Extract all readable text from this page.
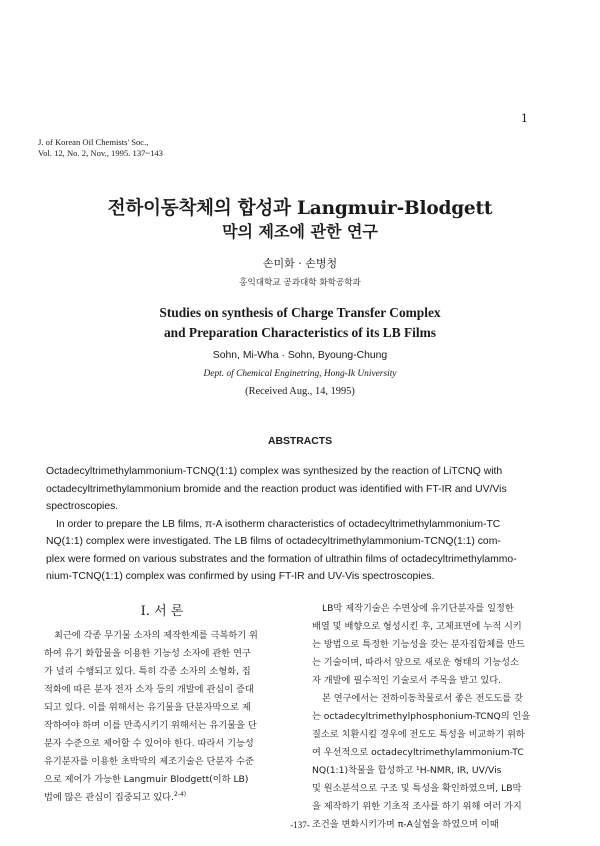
1
J. of Korean Oil Chemists' Soc.,
Vol. 12, No. 2, Nov., 1995. 137~143
전하이동착체의 합성과 Langmuir-Blodgett
막의 제조에 관한 연구
손미화 · 손병청
홍익대학교 공과대학 화학공학과
Studies on synthesis of Charge Transfer Complex
and Preparation Characteristics of its LB Films
Sohn, Mi-Wha · Sohn, Byoung-Chung
Dept. of Chemical Enginetring, Hong-Ik University
(Received Aug., 14, 1995)
ABSTRACTS

Octadecyltrimethylammonium-TCNQ(1:1) complex was synthesized by the reaction of LiTCNQ with
octadecyltrimethylammonium bromide and the reaction product was identified with FT-IR and UV/Vis
spectroscopies.

In order to prepare the LB films, π-A isotherm characteristics of octadecyltrimethylammonium-TC
NQ(1:1) complex were investigated. The LB films of octadecyltrimethylammonium-TCNQ(1:1) com-
plex were formed on various substrates and the formation of ultrathin films of octadecyltrimethylammo-
nium-TCNQ(1:1) complex was confirmed by using FT-IR and UV-Vis spectroscopies.

I. 서 론
최근에 각종 무기물 소자의 제작한계를 극복하기 위
하여 유기 화합물을 이용한 기능성 소자에 관한 연구
가 널리 수행되고 있다. 특히 각종 소자의 소형화, 집
적화에 따른 분자 전자 소자 등의 개발에 관심이 증대
되고 있다. 이를 위해서는 유기물을 단분자막으로 제
작하여야 하며 이를 만족시키기 위해서는 유기물을 단
분자 수준으로 제어할 수 있어야 한다. 따라서 기능성
유기분자를 이용한 초박막의 제조기술은 단분자 수준
으로 제어가 가능한 Langmuir Blodgett(이하 LB)
법에 많은 관심이 집중되고 있다.$^{2-4)}$
LB막 제작기술은 수면상에 유기단분자를 일정한
배열 및 배향으로 형성시킨 후, 고체표면에 누적 시키
는 방법으로 특정한 기능성을 갖는 분자집합체를 만드
는 기술이며, 따라서 앞으로 새로운 형태의 기능성소
자 개발에 필수적인 기술로서 주목을 받고 있다.
본 연구에서는 전하이동착물로서 좋은 전도도를 갖
는 octadecyltrimethylphosphonium-TCNQ의 인을
질소로 치환시킬 경우에 전도도 특성을 비교하기 위하
여 우선적으로 octadecyltrimethylammonium-TC
NQ(1:1)착물을 합성하고 ¹H-NMR, IR, UV/Vis
및 원소분석으로 구조 및 특성을 확인하였으며, LB막
을 제작하기 위한 기초적 조사를 하기 위해 여러 가지
조건을 변화시키가며 π-A실험을 하였으며 이때
-137-
